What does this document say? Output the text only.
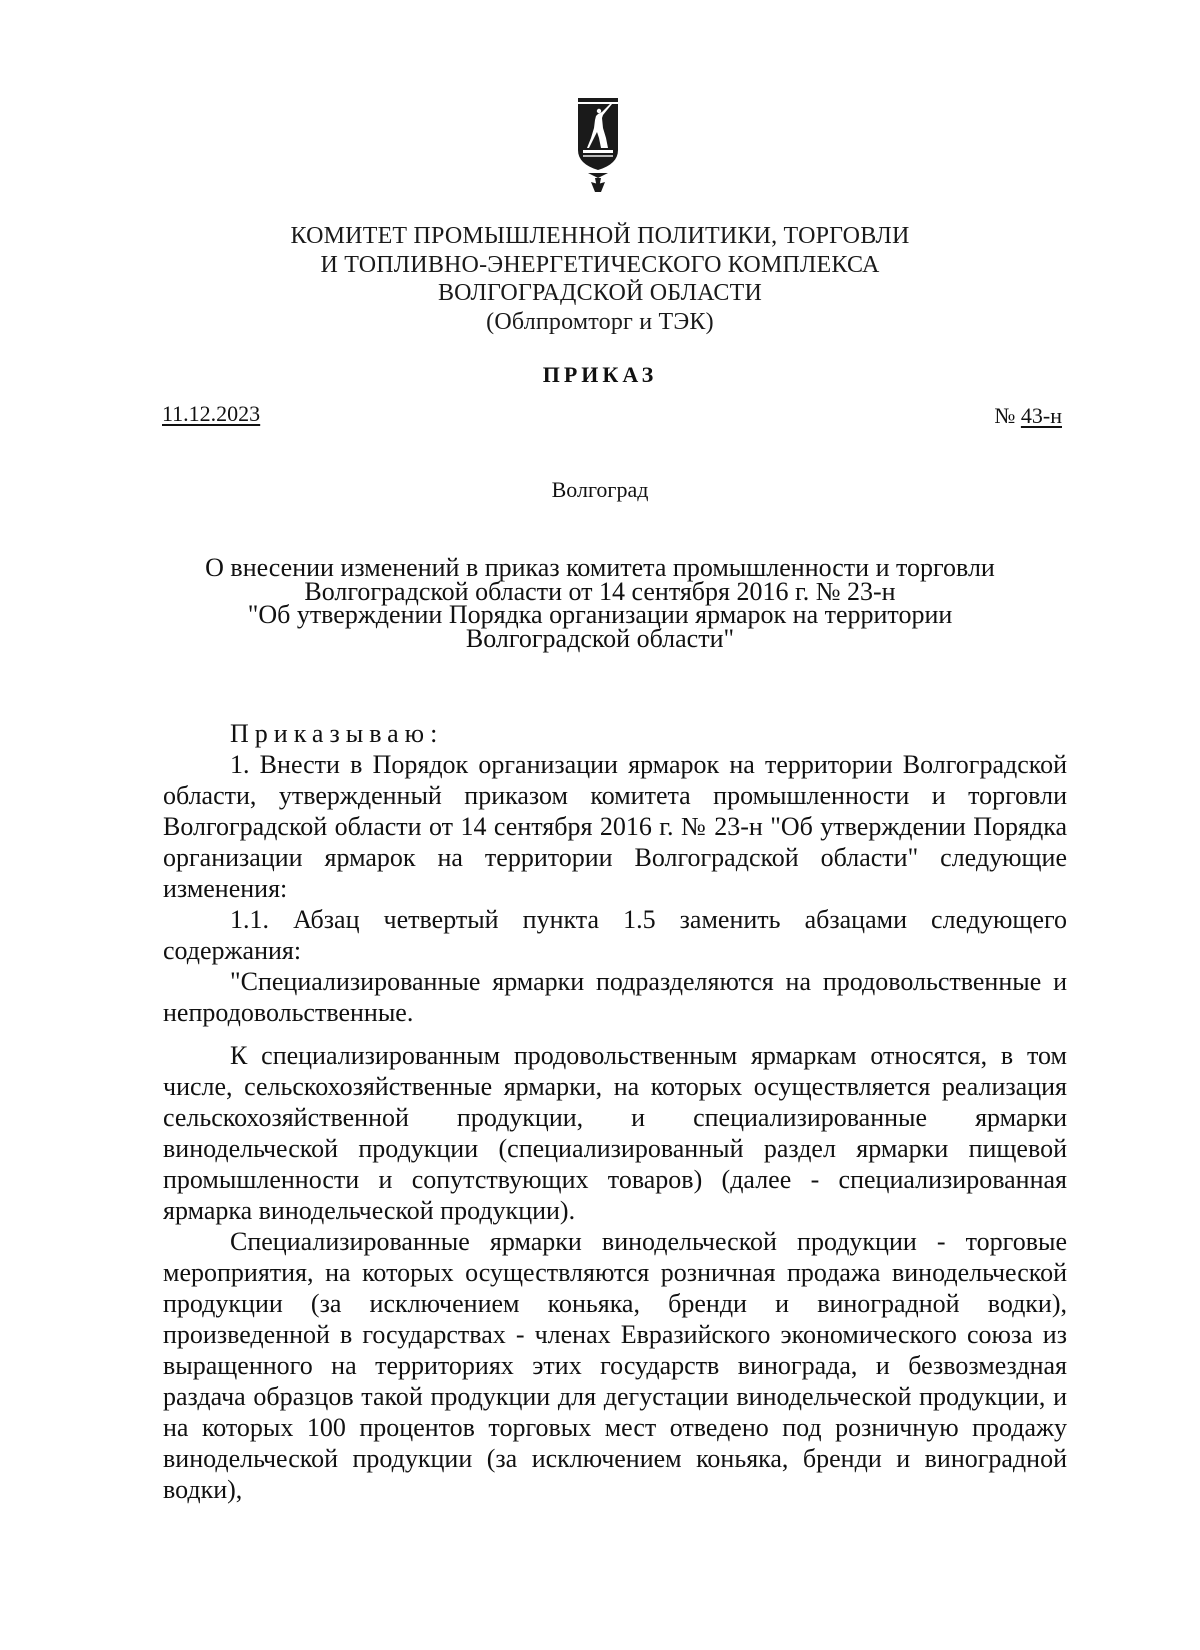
КОМИТЕТ ПРОМЫШЛЕННОЙ ПОЛИТИКИ, ТОРГОВЛИ
И ТОПЛИВНО-ЭНЕРГЕТИЧЕСКОГО КОМПЛЕКСА
ВОЛГОГРАДСКОЙ ОБЛАСТИ
(Облпромторг и ТЭК)
ПРИКАЗ
11.12.2023	№ 43-н
Волгоград
О внесении изменений в приказ комитета промышленности и торговли
Волгоградской области от 14 сентября 2016 г. № 23-н
"Об утверждении Порядка организации ярмарок на территории
Волгоградской области"

Приказываю:

1. Внести в Порядок организации ярмарок на территории Волгоградской области, утвержденный приказом комитета промышленности и торговли Волгоградской области от 14 сентября 2016 г. № 23-н "Об утверждении Порядка организации ярмарок на территории Волгоградской области" следующие изменения:

1.1. Абзац четвертый пункта 1.5 заменить абзацами следующего содержания:

"Специализированные ярмарки подразделяются на продовольственные и непродовольственные.

К специализированным продовольственным ярмаркам относятся, в том числе, сельскохозяйственные ярмарки, на которых осуществляется реализация сельскохозяйственной продукции, и специализированные ярмарки винодельческой продукции (специализированный раздел ярмарки пищевой промышленности и сопутствующих товаров) (далее - специализированная ярмарка винодельческой продукции).

Специализированные ярмарки винодельческой продукции - торговые мероприятия, на которых осуществляются розничная продажа винодельческой продукции (за исключением коньяка, бренди и виноградной водки), произведенной в государствах - членах Евразийского экономического союза из выращенного на территориях этих государств винограда, и безвозмездная раздача образцов такой продукции для дегустации винодельческой продукции, и на которых 100 процентов торговых мест отведено под розничную продажу винодельческой продукции (за исключением коньяка, бренди и виноградной водки),
